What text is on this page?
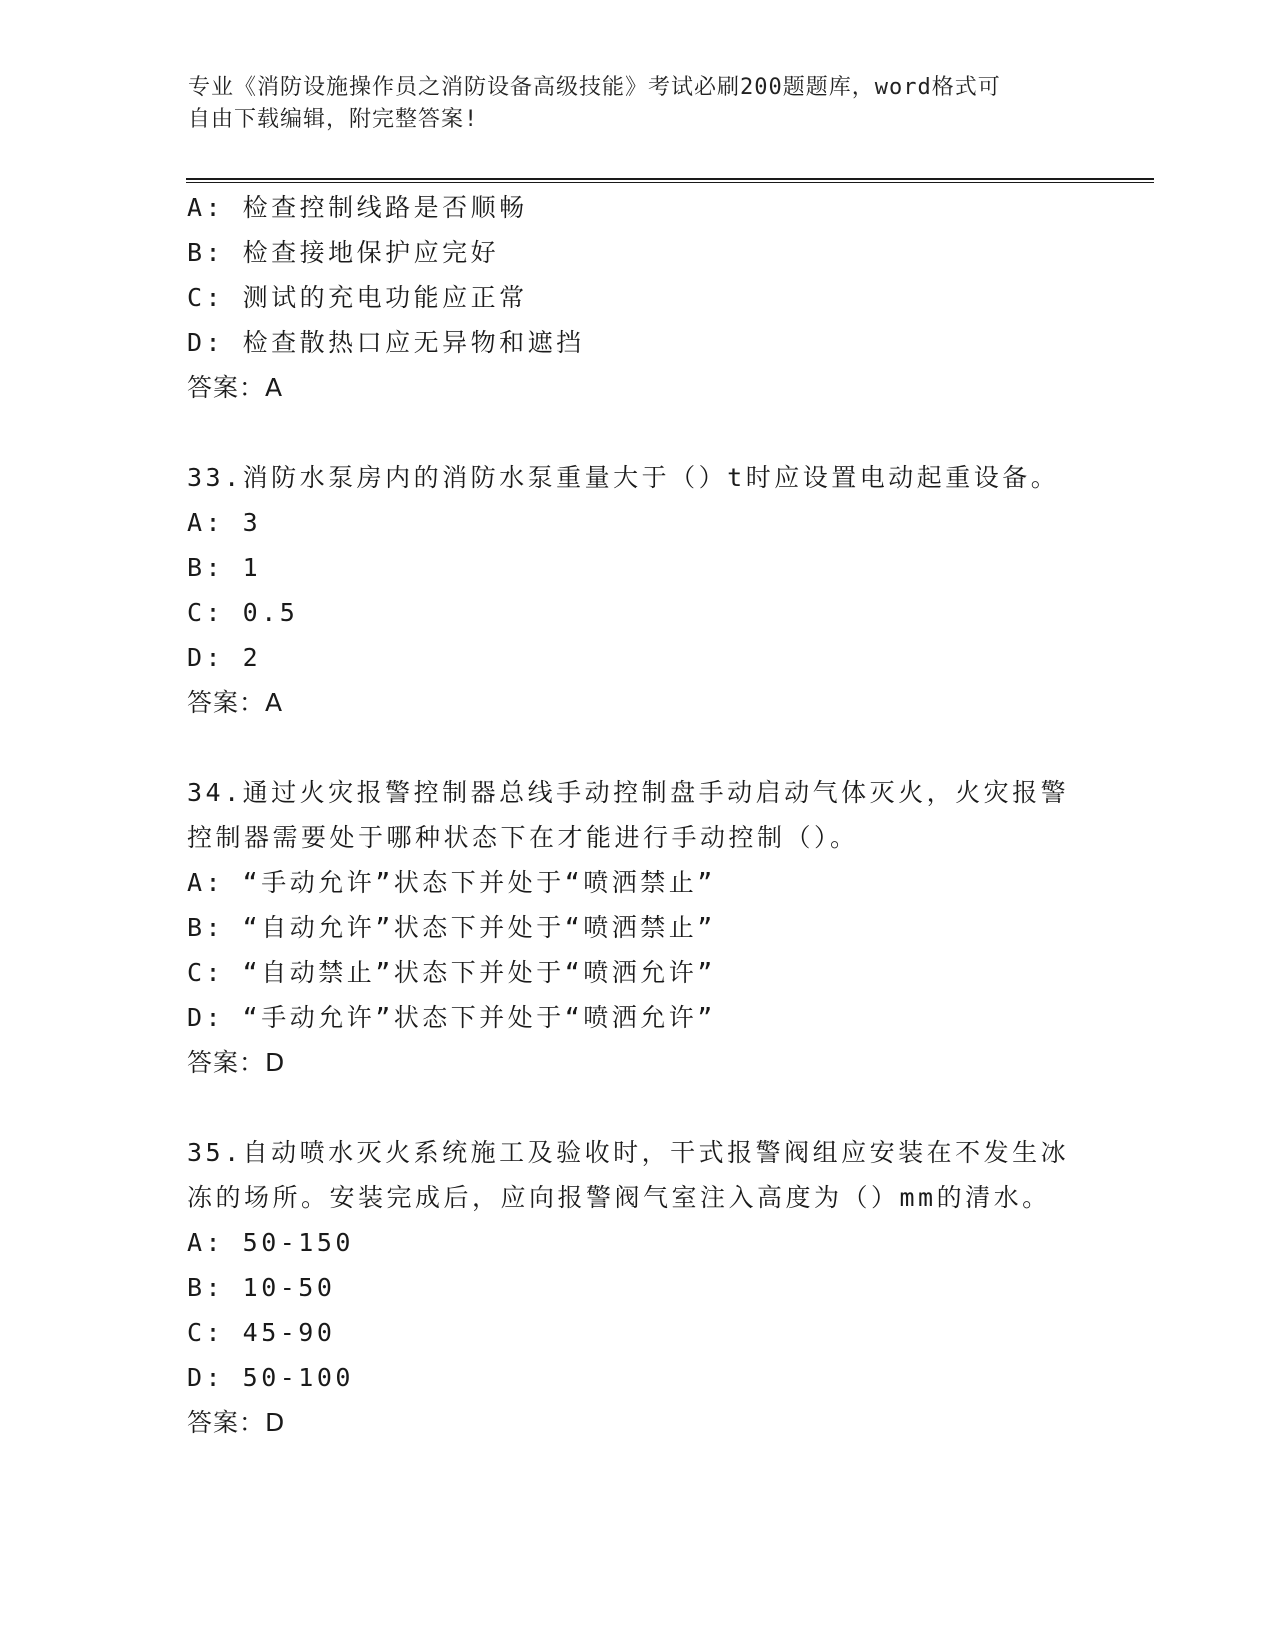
专业《消防设施操作员之消防设备高级技能》考试必刷200题题库，word格式可
自由下载编辑，附完整答案!
A: 检查控制线路是否顺畅
B: 检查接地保护应完好
C: 测试的充电功能应正常
D: 检查散热口应无异物和遮挡
答案：A
33.消防水泵房内的消防水泵重量大于（）t时应设置电动起重设备。
A: 3
B: 1
C: 0.5
D: 2
答案：A
34.通过火灾报警控制器总线手动控制盘手动启动气体灭火，火灾报警
控制器需要处于哪种状态下在才能进行手动控制（）。
A: “手动允许”状态下并处于“喷洒禁止”
B: “自动允许”状态下并处于“喷洒禁止”
C: “自动禁止”状态下并处于“喷洒允许”
D: “手动允许”状态下并处于“喷洒允许”
答案：D
35.自动喷水灭火系统施工及验收时，干式报警阀组应安装在不发生冰
冻的场所。安装完成后，应向报警阀气室注入高度为（）mm的清水。
A: 50-150
B: 10-50
C: 45-90
D: 50-100
答案：D
